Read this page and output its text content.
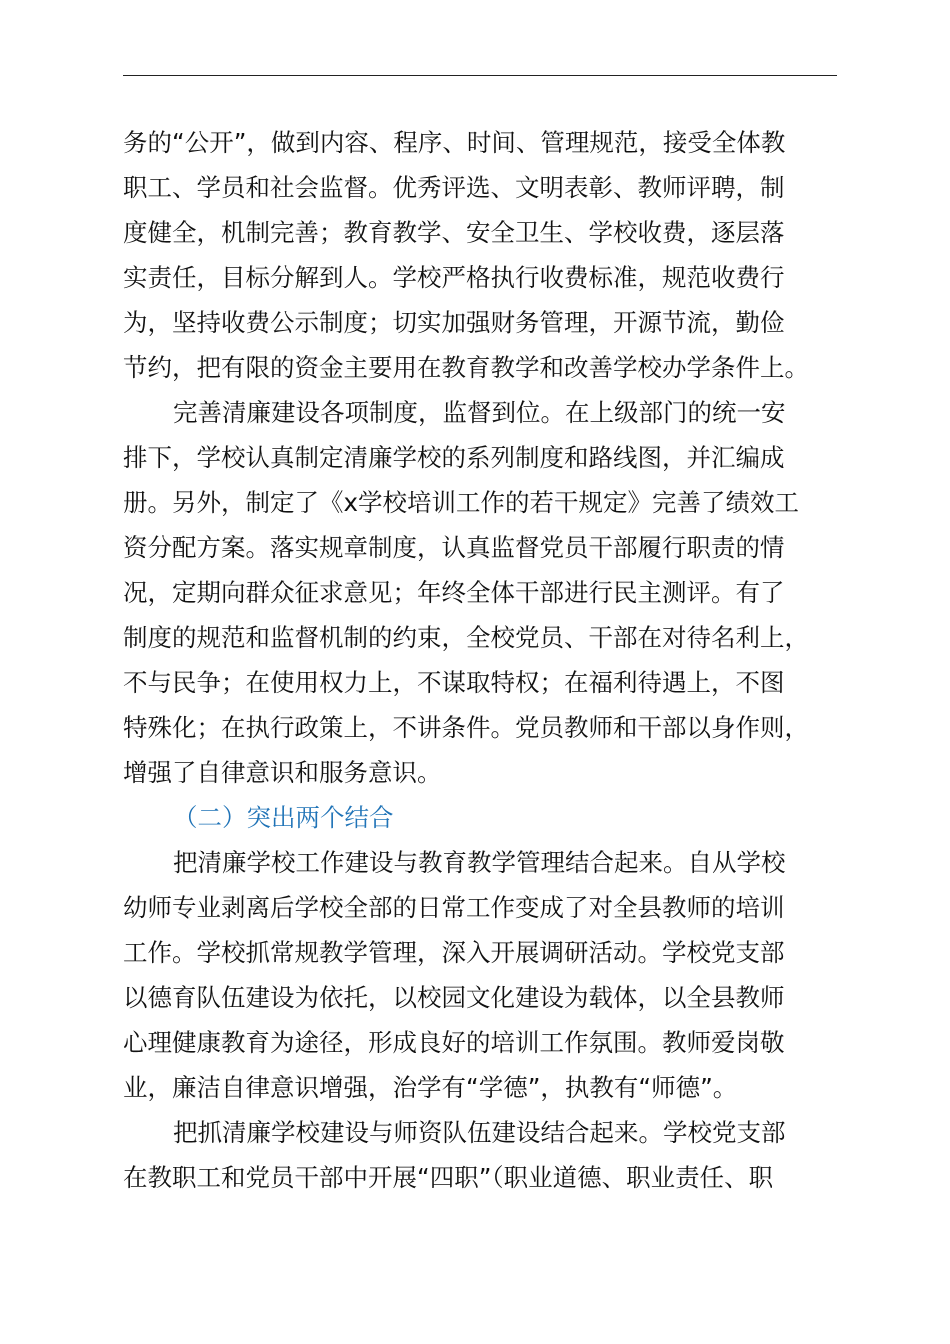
务的“公开”，做到内容、程序、时间、管理规范，接受全体教
职工、学员和社会监督。优秀评选、文明表彰、教师评聘，制
度健全，机制完善；教育教学、安全卫生、学校收费，逐层落
实责任，目标分解到人。学校严格执行收费标准，规范收费行
为，坚持收费公示制度；切实加强财务管理，开源节流，勤俭
节约，把有限的资金主要用在教育教学和改善学校办学条件上。
完善清廉建设各项制度，监督到位。在上级部门的统一安
排下，学校认真制定清廉学校的系列制度和路线图，并汇编成
册。另外，制定了《x学校培训工作的若干规定》完善了绩效工
资分配方案。落实规章制度，认真监督党员干部履行职责的情
况，定期向群众征求意见；年终全体干部进行民主测评。有了
制度的规范和监督机制的约束，全校党员、干部在对待名利上，
不与民争；在使用权力上，不谋取特权；在福利待遇上，不图
特殊化；在执行政策上，不讲条件。党员教师和干部以身作则，
增强了自律意识和服务意识。
（二）突出两个结合
把清廉学校工作建设与教育教学管理结合起来。自从学校
幼师专业剥离后学校全部的日常工作变成了对全县教师的培训
工作。学校抓常规教学管理，深入开展调研活动。学校党支部
以德育队伍建设为依托，以校园文化建设为载体，以全县教师
心理健康教育为途径，形成良好的培训工作氛围。教师爱岗敬
业，廉洁自律意识增强，治学有“学德”，执教有“师德”。
把抓清廉学校建设与师资队伍建设结合起来。学校党支部
在教职工和党员干部中开展“四职”（职业道德、职业责任、职
